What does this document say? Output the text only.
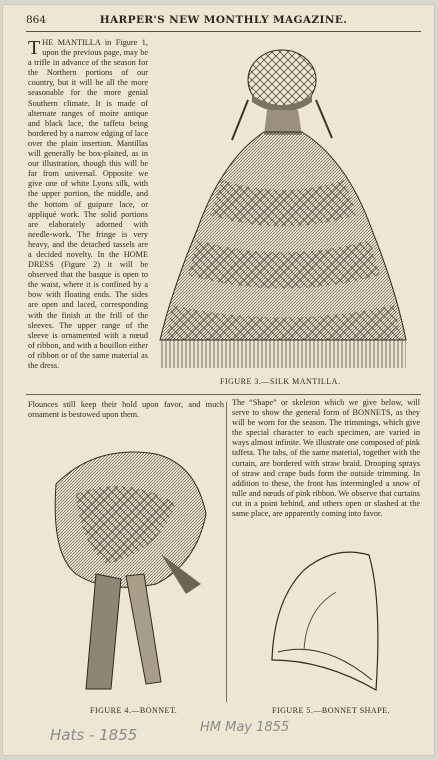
864	HARPER'S NEW MONTHLY MAGAZINE.
THE MANTILLA in Figure 1, upon the previous page, may be a trifle in advance of the season for the Northern portions of our country, but it will be all the more seasonable for the more genial Southern climate. It is made of alternate ranges of moire antique and black lace, the taffeta being bordered by a narrow edging of lace over the plain insertion. Mantillas will generally be box-plaited, as in our illustration, though this will be far from universal. Opposite we give one of white Lyons silk, with the upper portion, the middle, and the bottom of guipure lace, or appliqué work. The solid portions are elaborately adorned with needle-work. The fringe is very heavy, and the detached tassels are a decided novelty. In the HOME DRESS (Figure 2) it will be observed that the basque is open to the waist, where it is confined by a bow with floating ends. The sides are open and laced, corresponding with the finish at the frill of the sleeves. The upper range of the sleeve is ornamented with a nœud of ribbon, and with a bouillon either of ribbon or of the same material as the dress.
FIGURE 3.—SILK MANTILLA.
Flounces still keep their hold upon favor, and much ornament is bestowed upon them.
The “Shape” or skeleton which we give below, will serve to show the general form of BONNETS, as they will be worn for the season. The trimmings, which give the special character to each specimen, are varied in ways almost infinite. We illustrate one composed of pink taffeta. The tabs, of the same material, together with the curtain, are bordered with straw braid. Drooping sprays of straw and crape buds form the outside trimming. In addition to these, the front has intermingled a snow of tulle and nœuds of pink ribbon. We observe that curtains cut in a point behind, and others open or slashed at the same place, are apparently coming into favor.
FIGURE 4.—BONNET.	FIGURE 5.—BONNET SHAPE.
Hats - 1855	HM May 1855
